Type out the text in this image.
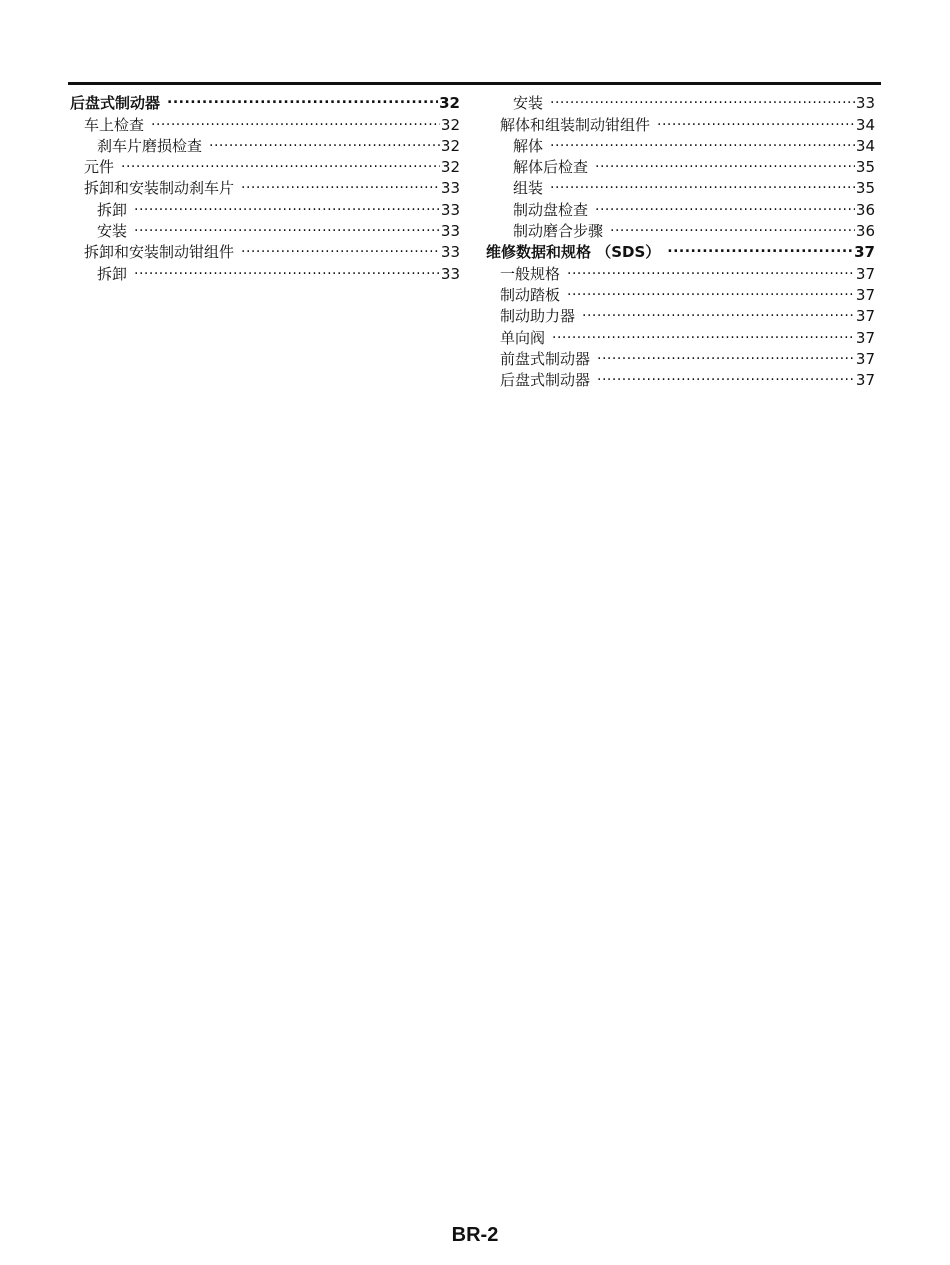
后盘式制动器 .....	32
车上检查 .....	32
刹车片磨损检查 .....	32
元件 .....	32
拆卸和安装制动刹车片 .....	33
拆卸 .....	33
安装 .....	33
拆卸和安装制动钳组件 .....	33
拆卸 .....	33
安装 .....	33
解体和组装制动钳组件 .....	34
解体 .....	34
解体后检查 .....	35
组装 .....	35
制动盘检查 .....	36
制动磨合步骤 .....	36
维修数据和规格 （SDS） .....	37
一般规格 .....	37
制动踏板 .....	37
制动助力器 .....	37
单向阀 .....	37
前盘式制动器 .....	37
后盘式制动器 .....	37
BR-2
